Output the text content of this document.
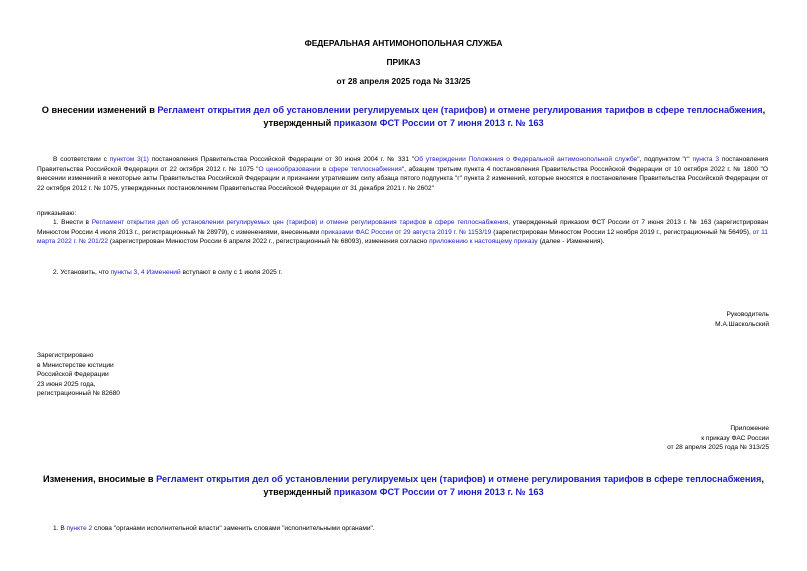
ФЕДЕРАЛЬНАЯ АНТИМОНОПОЛЬНАЯ СЛУЖБА
ПРИКАЗ
от 28 апреля 2025 года № 313/25
О внесении изменений в Регламент открытия дел об установлении регулируемых цен (тарифов) и отмене регулирования тарифов в сфере теплоснабжения,
утвержденный приказом ФСТ России от 7 июня 2013 г. № 163
В соответствии с пунктом 3(1) постановления Правительства Российской Федерации от 30 июня 2004 г. № 331 "Об утверждении Положения о Федеральной антимонопольной службе", подпунктом "г" пункта 3 постановления Правительства Российской Федерации от 22 октября 2012 г. № 1075 "О ценообразовании в сфере теплоснабжения", абзацем третьим пункта 4 постановления Правительства Российской Федерации от 10 октября 2022 г. № 1800 "О внесении изменений в некоторые акты Правительства Российской Федерации и признании утратившим силу абзаца пятого подпункта "г" пункта 2 изменений, которые вносятся в постановление Правительства Российской Федерации от 22 октября 2012 г. № 1075, утвержденных постановлением Правительства Российской Федерации от 31 декабря 2021 г. № 2602"
приказываю:
1. Внести в Регламент открытия дел об установлении регулируемых цен (тарифов) и отмене регулирования тарифов в сфере теплоснабжения, утвержденный приказом ФСТ России от 7 июня 2013 г. № 163 (зарегистрирован Минюстом России 4 июля 2013 г., регистрационный № 28979), с изменениями, внесенными приказами ФАС России от 29 августа 2019 г. № 1153/19 (зарегистрирован Минюстом России 12 ноября 2019 г., регистрационный № 56495), от 11 марта 2022 г. № 201/22 (зарегистрирован Минюстом России 6 апреля 2022 г., регистрационный № 68093), изменения согласно приложению к настоящему приказу (далее - Изменения).
2. Установить, что пункты 3, 4 Изменений вступают в силу с 1 июля 2025 г.
Руководитель
М.А.Шаскольский
Зарегистрировано
в Министерстве юстиции
Российской Федерации
23 июня 2025 года,
регистрационный № 82680
Приложение
к приказу ФАС России
от 28 апреля 2025 года № 313/25
Изменения, вносимые в Регламент открытия дел об установлении регулируемых цен (тарифов) и отмене регулирования тарифов в сфере теплоснабжения,
утвержденный приказом ФСТ России от 7 июня 2013 г. № 163
1. В пункте 2 слова "органами исполнительной власти" заменить словами "исполнительными органами".
